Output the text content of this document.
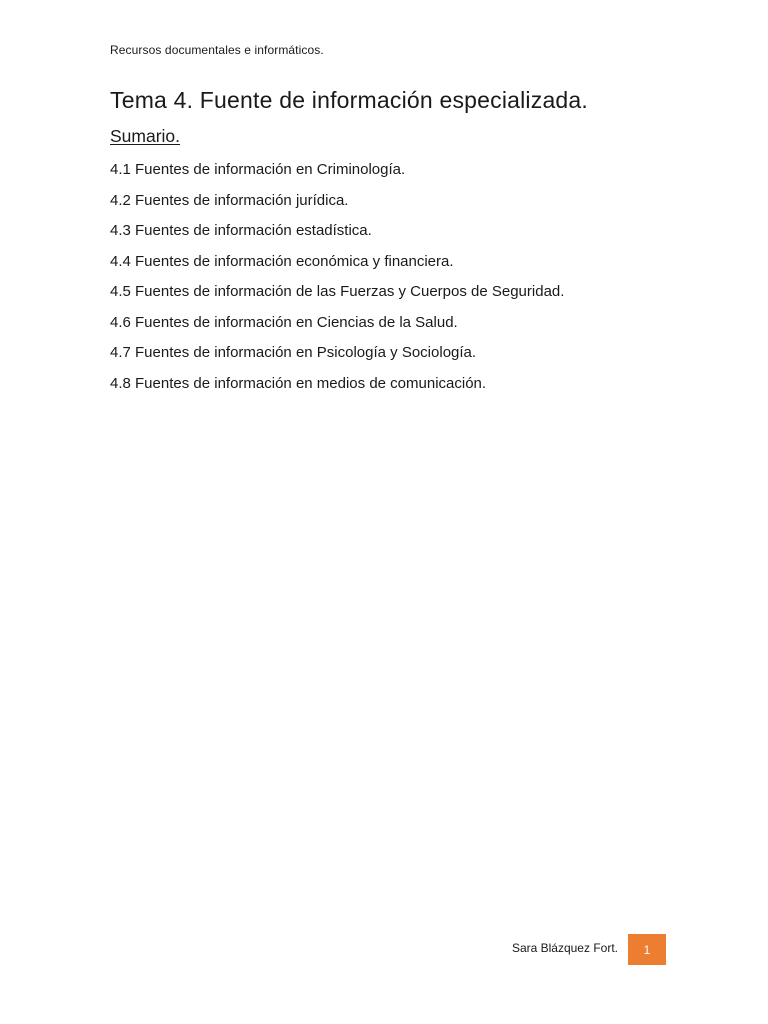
Recursos documentales e informáticos.
Tema 4. Fuente de información especializada.
Sumario.
4.1 Fuentes de información en Criminología.
4.2 Fuentes de información jurídica.
4.3 Fuentes de información estadística.
4.4 Fuentes de información económica y financiera.
4.5 Fuentes de información de las Fuerzas y Cuerpos de Seguridad.
4.6 Fuentes de información en Ciencias de la Salud.
4.7 Fuentes de información en Psicología y Sociología.
4.8 Fuentes de información en medios de comunicación.
Sara Blázquez Fort. 1
